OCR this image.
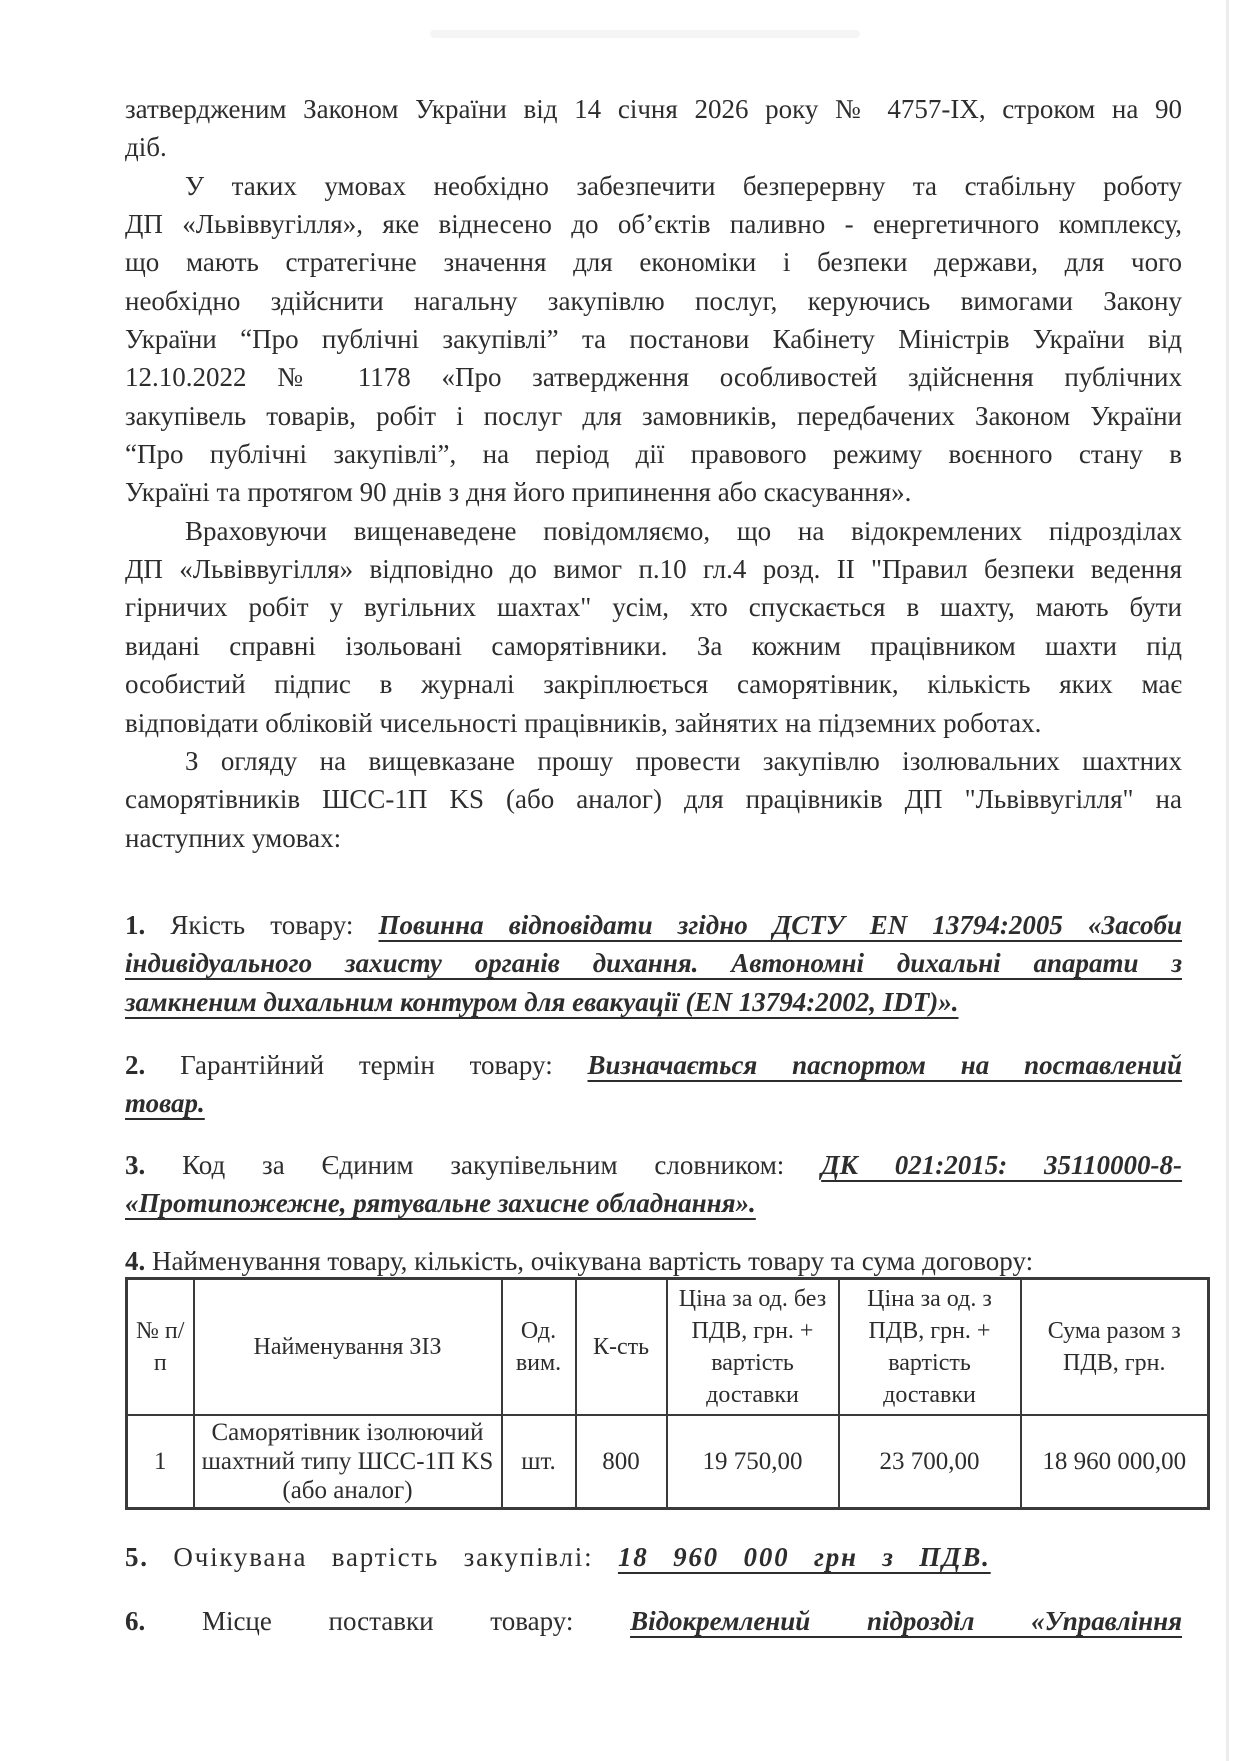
затвердженим Законом України від 14 січня 2026 року № 4757-ІХ, строком на 90
діб.
У таких умовах необхідно забезпечити безперервну та стабільну роботу
ДП «Львіввугілля», яке віднесено до об’єктів паливно - енергетичного комплексу,
що мають стратегічне значення для економіки і безпеки держави, для чого
необхідно здійснити нагальну закупівлю послуг, керуючись вимогами Закону
України “Про публічні закупівлі” та постанови Кабінету Міністрів України від
12.10.2022 № 1178 «Про затвердження особливостей здійснення публічних
закупівель товарів, робіт і послуг для замовників, передбачених Законом України
“Про публічні закупівлі”, на період дії правового режиму воєнного стану в
Україні та протягом 90 днів з дня його припинення або скасування».
Враховуючи вищенаведене повідомляємо, що на відокремлених підрозділах
ДП «Львіввугілля» відповідно до вимог п.10 гл.4 розд. ІІ "Правил безпеки ведення
гірничих робіт у вугільних шахтах" усім, хто спускається в шахту, мають бути
видані справні ізольовані саморятівники. За кожним працівником шахти під
особистий підпис в журналі закріплюється саморятівник, кількість яких має
відповідати обліковій чисельності працівників, зайнятих на підземних роботах.
З огляду на вищевказане прошу провести закупівлю ізолювальних шахтних
саморятівників ШСС-1П KS (або аналог) для працівників ДП "Львіввугілля" на
наступних умовах:
1. Якість товару: Повинна відповідати згідно ДСТУ EN 13794:2005 «Засоби
індивідуального захисту органів дихання. Автономні дихальні апарати з
замкненим дихальним контуром для евакуації (EN 13794:2002, IDT)».
2. Гарантійний термін товару: Визначається паспортом на поставлений
товар.
3. Код за Єдиним закупівельним словником: ДК 021:2015: 35110000-8-
«Протипожежне, рятувальне захисне обладнання».
4. Найменування товару, кількість, очікувана вартість товару та сума договору:
№ п/п	Найменування ЗІЗ	Од. вим.	К-сть	Ціна за од. без ПДВ, грн. + вартість доставки	Ціна за од. з ПДВ, грн. + вартість доставки	Сума разом з ПДВ, грн.
1	Саморятівник ізолюючий шахтний типу ШСС-1П KS (або аналог)	шт.	800	19 750,00	23 700,00	18 960 000,00
5. Очікувана вартість закупівлі: 18 960 000 грн з ПДВ.
6. Місце поставки товару: Відокремлений підрозділ «Управління
